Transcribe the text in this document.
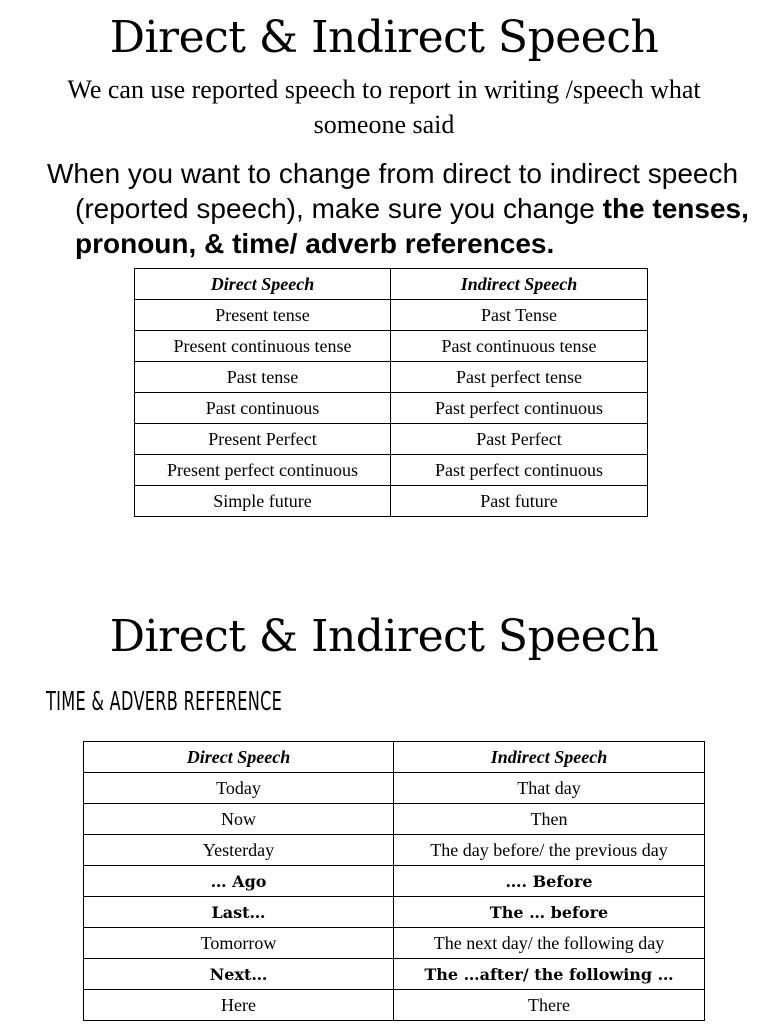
Direct & Indirect Speech
We can use reported speech to report in writing /speech what someone said
Direct Speech	Indirect Speech
Present tense	Past Tense
Present continuous tense	Past continuous tense
Past tense	Past perfect tense
Past continuous	Past perfect continuous
Present Perfect	Past Perfect
Present perfect continuous	Past perfect continuous
Simple future	Past future
When you want to change from direct to indirect speech (reported speech), make sure you change the tenses, pronoun, & time/ adverb references.
Direct & Indirect Speech
TIME & ADVERB REFERENCE
Direct Speech	Indirect Speech
Today	That day
Now	Then
Yesterday	The day before/ the previous day
… Ago	…. Before
Last…	The … before
Tomorrow	The next day/ the following day
Next…	The …after/ the following …
Here	There
